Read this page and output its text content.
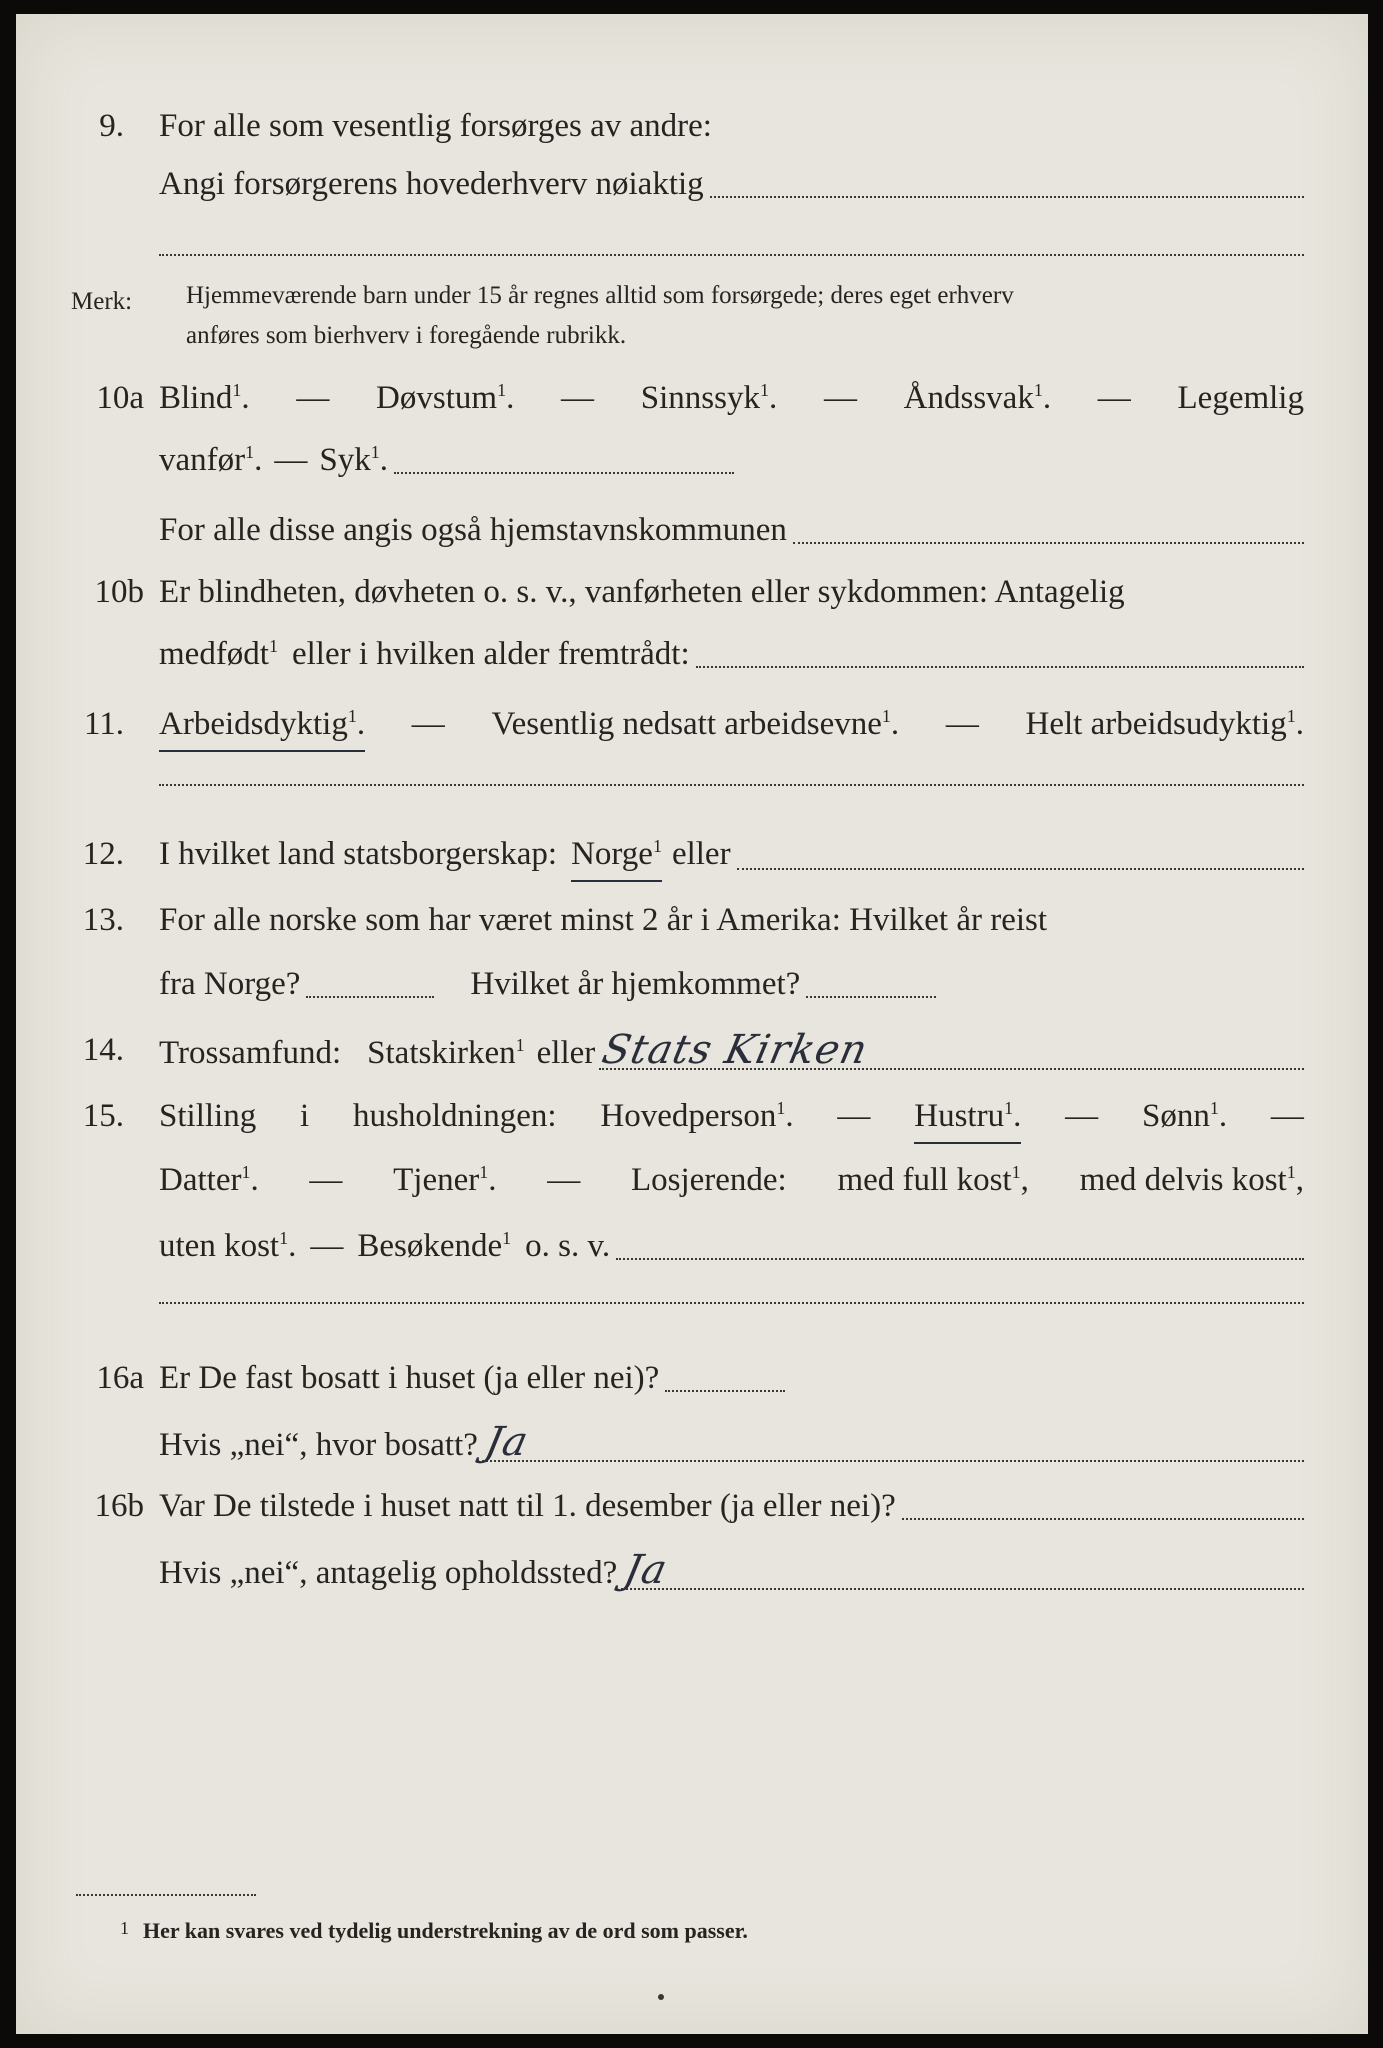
9. For alle som vesentlig forsørges av andre:
Angi forsørgerens hovederhverv nøiaktig
Merk: Hjemmeværende barn under 15 år regnes alltid som forsørgede; deres eget erhverv
anføres som bierhverv i foregående rubrikk.
10a Blind$^1$. — Døvstum$^1$. — Sinnssyk$^1$. — Åndssvak$^1$. — Legemlig
vanfør$^1$. — Syk$^1$.
For alle disse angis også hjemstavnskommunen
10b Er blindheten, døvheten o. s. v., vanførheten eller sykdommen: Antagelig
medfødt$^1$ eller i hvilken alder fremtrådt:
11. Arbeidsdyktig$^1$. — Vesentlig nedsatt arbeidsevne$^1$. — Helt arbeidsudyktig$^1$.
12. I hvilket land statsborgerskap: Norge$^1$ eller
13. For alle norske som har været minst 2 år i Amerika: Hvilket år reist
fra Norge?	Hvilket år hjemkommet?
14. Trossamfund: Statskirken$^1$ eller Stats Kirken
15. Stilling i husholdningen: Hovedperson$^1$. — Hustru$^1$. — Sønn$^1$. —
Datter$^1$. — Tjener$^1$. — Losjerende: med full kost$^1$, med delvis kost$^1$,
uten kost$^1$. — Besøkende$^1$ o. s. v.
16a Er De fast bosatt i huset (ja eller nei)?
Hvis „nei“, hvor bosatt? Ja
16b Var De tilstede i huset natt til 1. desember (ja eller nei)?
Hvis „nei“, antagelig opholdssted? Ja
1 Her kan svares ved tydelig understrekning av de ord som passer.
